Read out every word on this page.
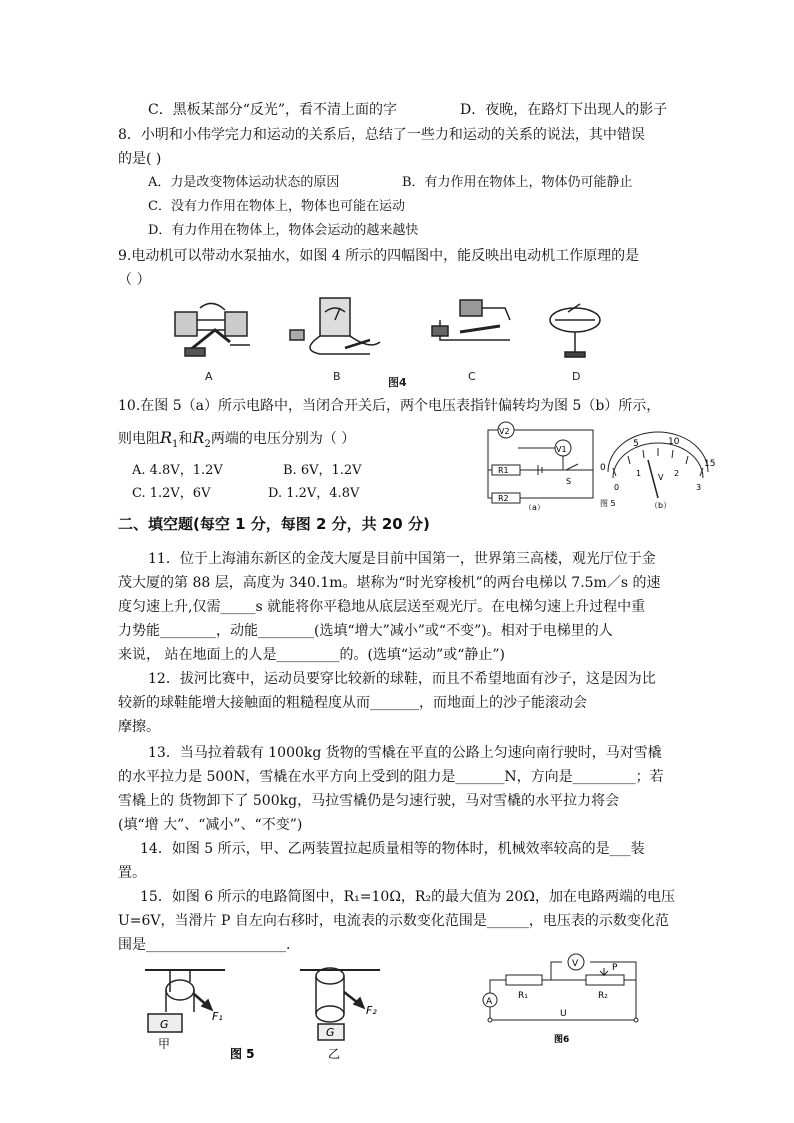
C．黑板某部分“反光”，看不清上面的字	D．夜晚，在路灯下出现人的影子
8．小明和小伟学完力和运动的关系后，总结了一些力和运动的关系的说法，其中错误
的是( )
A．力是改变物体运动状态的原因	B．有力作用在物体上，物体仍可能静止
C．没有力作用在物体上，物体也可能在运动
D．有力作用在物体上，物体会运动的越来越快
9.电动机可以带动水泵抽水，如图 4 所示的四幅图中，能反映出电动机工作原理的是
（ ）
A	B	C	D
图4
10.在图 5（a）所示电路中，当闭合开关后，两个电压表指针偏转均为图 5（b）所示，
则电阻$R_1$和$R_2$两端的电压分别为（ ）
A. 4.8V，1.2V	B. 6V，1.2V
C. 1.2V，6V	D. 1.2V，4.8V
V2
V1
R1
R2
S
（a）
0
5	10
15
0
1	2
3
V
图 5	（b）
二、填空题(每空 1 分，每图 2 分，共 20 分)
11．位于上海浦东新区的金茂大厦是目前中国第一，世界第三高楼，观光厅位于金
茂大厦的第 88 层，高度为 340.1m。堪称为“时光穿梭机”的两台电梯以 7.5m／s 的速
度匀速上升,仅需_____s 就能将你平稳地从底层送至观光厅。在电梯匀速上升过程中重
力势能________，动能________(选填“增大”减小”或“不变”)。相对于电梯里的人
来说， 站在地面上的人是_________的。(选填“运动”或“静止”)
12．拔河比赛中，运动员要穿比较新的球鞋，而且不希望地面有沙子，这是因为比
较新的球鞋能增大接触面的粗糙程度从而_______，而地面上的沙子能滚动会
摩擦。
13．当马拉着载有 1000kg 货物的雪橇在平直的公路上匀速向南行驶时，马对雪橇
的水平拉力是 500N，雪橇在水平方向上受到的阻力是_______N，方向是_________；若
雪橇上的 货物卸下了 500kg，马拉雪橇仍是匀速行驶，马对雪橇的水平拉力将会
(填“增 大”、“减小”、“不变”)
14．如图 5 所示，甲、乙两装置拉起质量相等的物体时，机械效率较高的是___装
置。
15．如图 6 所示的电路简图中，R₁=10Ω，R₂的最大值为 20Ω，加在电路两端的电压
U=6V，当滑片 P 自左向右移时，电流表的示数变化范围是______，电压表的示数变化范
围是____________________.
F₁
G
甲
F₂
G
乙
图 5
A
V	P
R₁	R₂
U
图6
